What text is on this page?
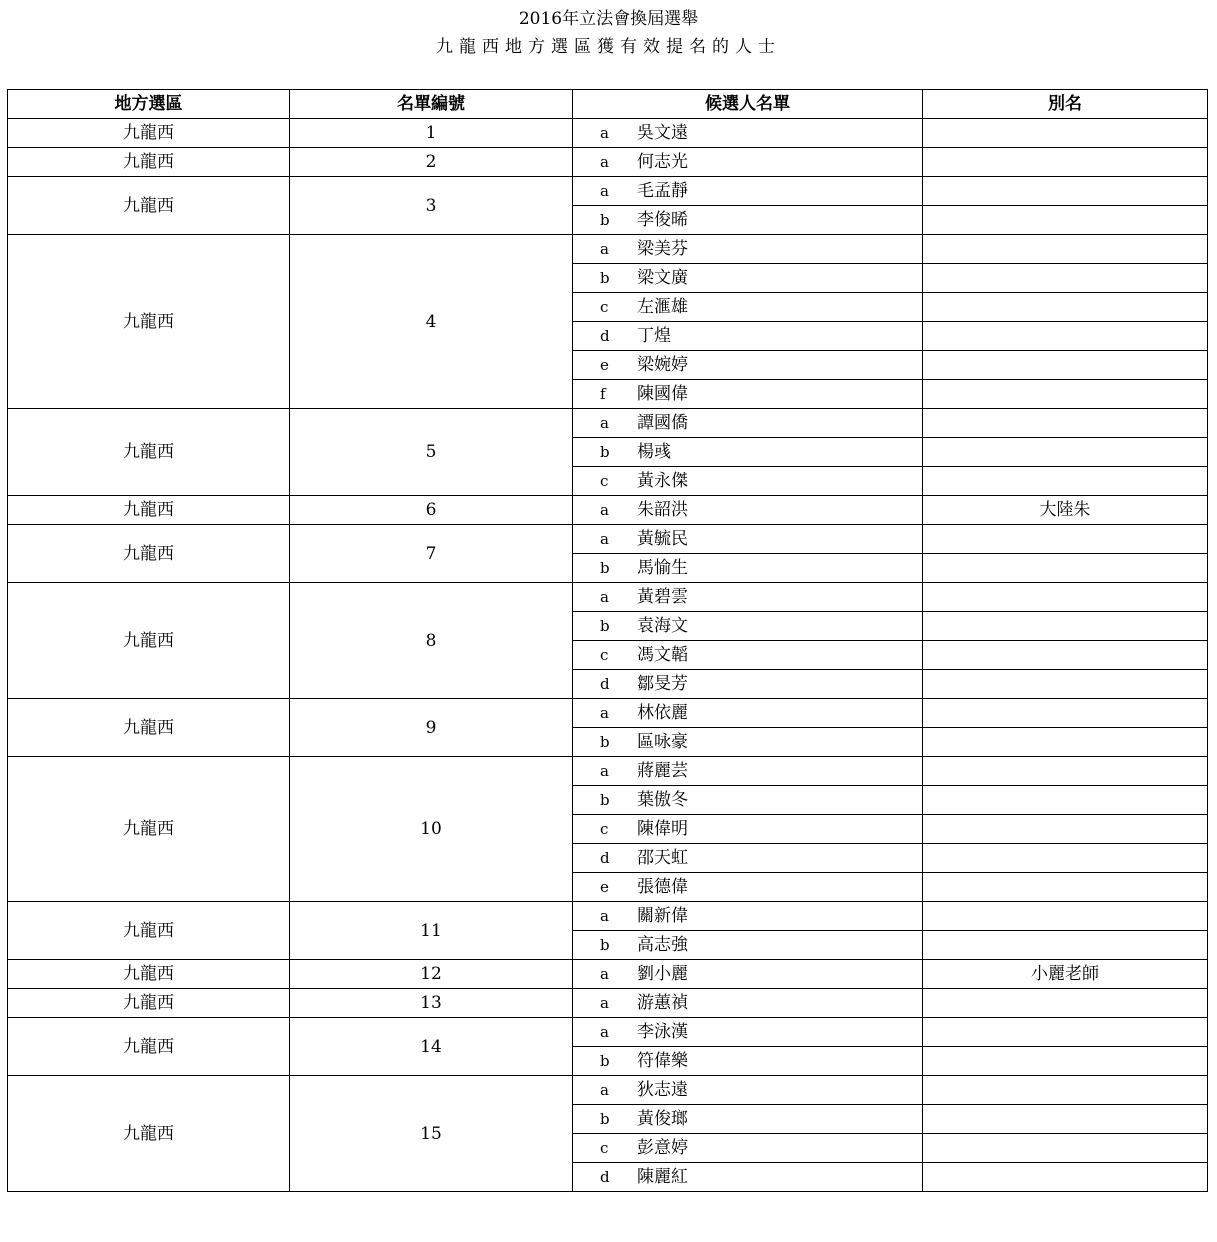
2016年立法會換屆選舉
九龍西地方選區獲有效提名的人士
地方選區	名單編號	候選人名單	別名
九龍西	1	a 吳文遠	
九龍西	2	a 何志光	
九龍西	3	a 毛孟靜	
		b 李俊晞	
九龍西	4	a 梁美芬	
		b 梁文廣	
		c 左滙雄	
		d 丁煌	
		e 梁婉婷	
		f 陳國偉	
九龍西	5	a 譚國僑	
		b 楊彧	
		c 黃永傑	
九龍西	6	a 朱韶洪	大陸朱
九龍西	7	a 黃毓民	
		b 馬愉生	
九龍西	8	a 黃碧雲	
		b 袁海文	
		c 馮文韜	
		d 鄒旻芳	
九龍西	9	a 林依麗	
		b 區咏豪	
九龍西	10	a 蔣麗芸	
		b 葉傲冬	
		c 陳偉明	
		d 邵天虹	
		e 張德偉	
九龍西	11	a 關新偉	
		b 高志強	
九龍西	12	a 劉小麗	小麗老師
九龍西	13	a 游蕙禎	
九龍西	14	a 李泳漢	
		b 符偉樂	
九龍西	15	a 狄志遠	
		b 黃俊瑯	
		c 彭意婷	
		d 陳麗紅	
